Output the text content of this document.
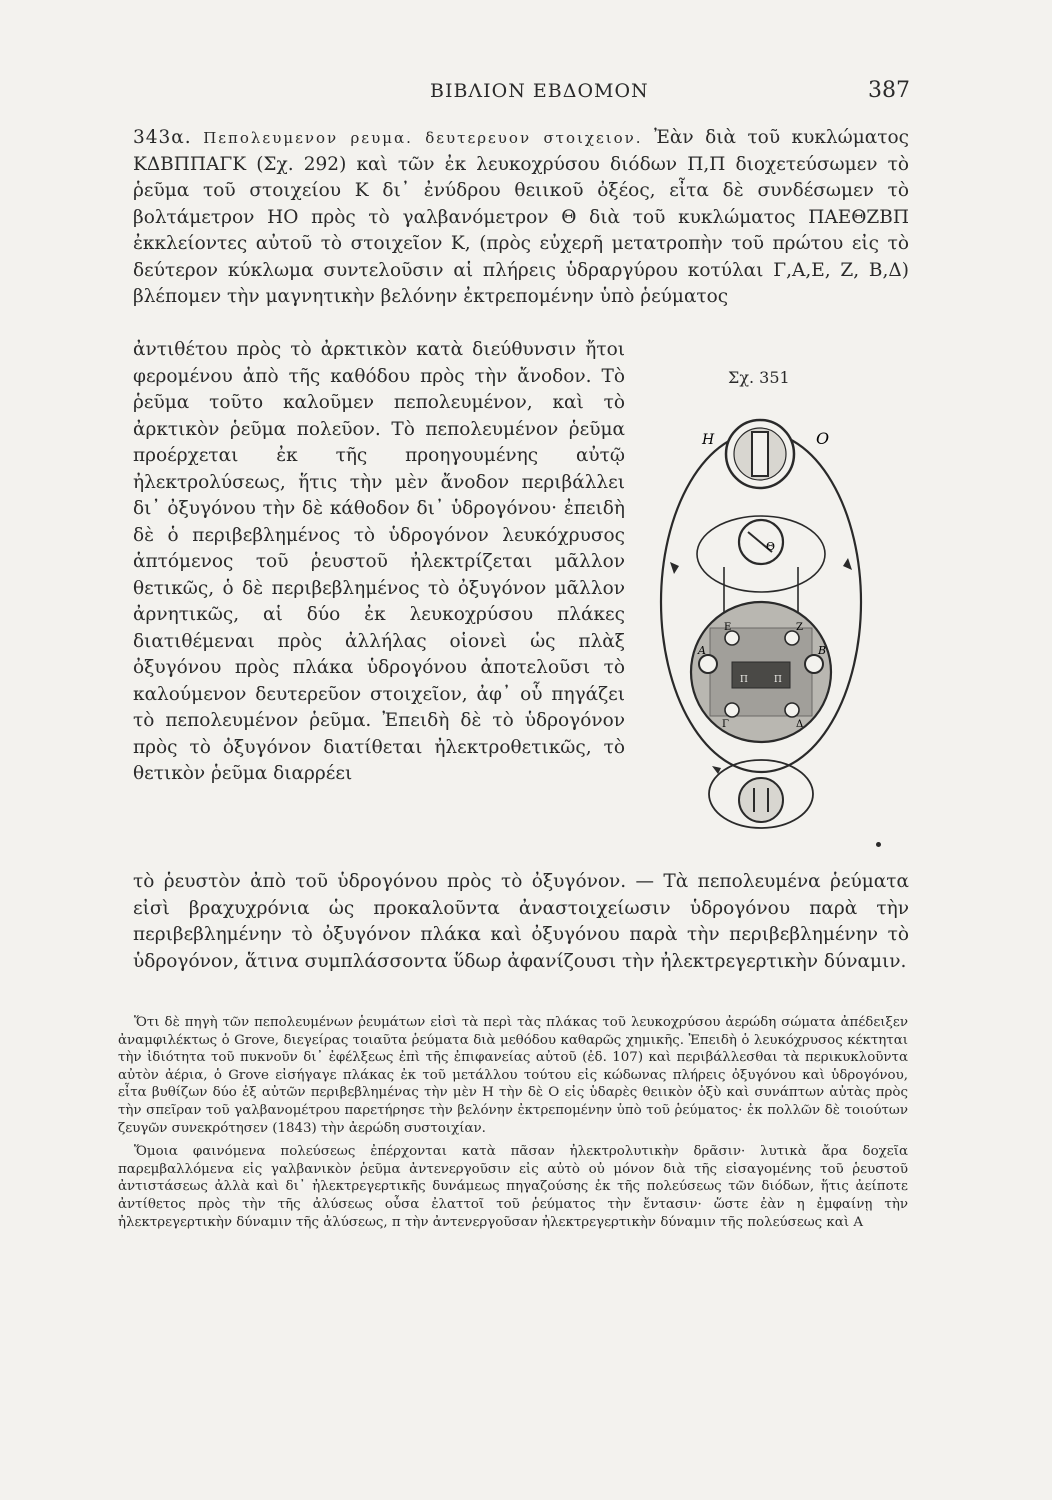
ΒΙΒΛΙΟΝ ΕΒΔΟΜΟΝ	387

343α. Πεπολευμενον ρευμα. δευτερευον στοιχειον. Ἐὰν διὰ τοῦ κυκλώματος ΚΔΒΠΠΑΓΚ (Σχ. 292) καὶ τῶν ἐκ λευκοχρύσου διόδων Π,Π διοχετεύσωμεν τὸ ῥεῦμα τοῦ στοιχείου Κ δι᾽ ἐνύδρου θειικοῦ ὀξέος, εἶτα δὲ συνδέσωμεν τὸ βολτάμετρον ΗΟ πρὸς τὸ γαλβανόμετρον Θ διὰ τοῦ κυκλώματος ΠΑΕΘΖΒΠ ἐκκλείοντες αὐτοῦ τὸ στοιχεῖον Κ, (πρὸς εὐχερῆ μετατροπὴν τοῦ πρώτου εἰς τὸ δεύτερον κύκλωμα συντελοῦσιν αἱ πλήρεις ὑδραργύρου κοτύλαι Γ,Α,Ε, Ζ, Β,Δ) βλέπομεν τὴν μαγνητικὴν βελόνην ἐκτρεπομένην ὑπὸ ῥεύματος

ἀντιθέτου πρὸς τὸ ἀρκτικὸν κατὰ διεύθυνσιν ἤτοι φερομένου ἀπὸ τῆς καθόδου πρὸς τὴν ἄνοδον. Τὸ ῥεῦμα τοῦτο καλοῦμεν πεπολευμένον, καὶ τὸ ἀρκτικὸν ῥεῦμα πολεῦον. Τὸ πεπολευμένον ῥεῦμα προέρχεται ἐκ τῆς προηγουμένης αὐτῷ ἠλεκτρολύσεως, ἥτις τὴν μὲν ἄνοδον περιβάλλει δι᾽ ὀξυγόνου τὴν δὲ κάθοδον δι᾽ ὑδρογόνου· ἐπειδὴ δὲ ὁ περιβεβλημένος τὸ ὑδρογόνον λευκόχρυσος ἁπτόμενος τοῦ ῥευστοῦ ἠλεκτρίζεται μᾶλλον θετικῶς, ὁ δὲ περιβεβλημένος τὸ ὀξυγόνον μᾶλλον ἀρνητικῶς, αἱ δύο ἐκ λευκοχρύσου πλάκες διατιθέμεναι πρὸς ἀλλήλας οἱονεὶ ὡς πλὰξ ὀξυγόνου πρὸς πλάκα ὑδρογόνου ἀποτελοῦσι τὸ καλούμενον δευτερεῦον στοιχεῖον, ἀφ᾽ οὗ πηγάζει τὸ πεπολευμένον ῥεῦμα. Ἐπειδὴ δὲ τὸ ὑδρογόνον πρὸς τὸ ὀξυγόνον διατίθεται ἠλεκτροθετικῶς, τὸ θετικὸν ῥεῦμα διαρρέει

Σχ. 351
Η	Ο
Θ
Α	Β
Ε	Ζ
Γ	Δ
Π	Π

τὸ ῥευστὸν ἀπὸ τοῦ ὑδρογόνου πρὸς τὸ ὀξυγόνον. — Τὰ πεπολευμένα ῥεύματα εἰσὶ βραχυχρόνια ὡς προκαλοῦντα ἀναστοιχείωσιν ὑδρογόνου παρὰ τὴν περιβεβλημένην τὸ ὀξυγόνον πλάκα καὶ ὀξυγόνου παρὰ τὴν περιβεβλημένην τὸ ὑδρογόνον, ἅτινα συμπλάσσοντα ὕδωρ ἀφανίζουσι τὴν ἠλεκτρεγερτικὴν δύναμιν.

Ὅτι δὲ πηγὴ τῶν πεπολευμένων ῥευμάτων εἰσὶ τὰ περὶ τὰς πλάκας τοῦ λευκοχρύσου ἀερώδη σώματα ἀπέδειξεν ἀναμφιλέκτως ὁ Grove, διεγείρας τοιαῦτα ῥεύματα διὰ μεθόδου καθαρῶς χημικῆς. Ἐπειδὴ ὁ λευκόχρυσος κέκτηται τὴν ἰδιότητα τοῦ πυκνοῦν δι᾽ ἐφέλξεως ἐπὶ τῆς ἐπιφανείας αὐτοῦ (ἐδ. 107) καὶ περιβάλλεσθαι τὰ περικυκλοῦντα αὐτὸν ἀέρια, ὁ Grove εἰσήγαγε πλάκας ἐκ τοῦ μετάλλου τούτου εἰς κώδωνας πλήρεις ὀξυγόνου καὶ ὑδρογόνου, εἶτα βυθίζων δύο ἐξ αὐτῶν περιβεβλημένας τὴν μὲν Η τὴν δὲ Ο εἰς ὑδαρὲς θειικὸν ὀξὺ καὶ συνάπτων αὐτὰς πρὸς τὴν σπεῖραν τοῦ γαλβανομέτρου παρετήρησε τὴν βελόνην ἐκτρεπομένην ὑπὸ τοῦ ῥεύματος· ἐκ πολλῶν δὲ τοιούτων ζευγῶν συνεκρότησεν (1843) τὴν ἀερώδη συστοιχίαν.

Ὅμοια φαινόμενα πολεύσεως ἐπέρχονται κατὰ πᾶσαν ἠλεκτρολυτικὴν δρᾶσιν· λυτικὰ ἄρα δοχεῖα παρεμβαλλόμενα εἰς γαλβανικὸν ῥεῦμα ἀντενεργοῦσιν εἰς αὐτὸ οὐ μόνον διὰ τῆς εἰσαγομένης τοῦ ῥευστοῦ ἀντιστάσεως ἀλλὰ καὶ δι᾽ ἠλεκτρεγερτικῆς δυνάμεως πηγαζούσης ἐκ τῆς πολεύσεως τῶν διόδων, ἥτις ἀείποτε ἀντίθετος πρὸς τὴν τῆς ἀλύσεως οὖσα ἐλαττοῖ τοῦ ῥεύματος τὴν ἔντασιν· ὥστε ἐὰν η ἐμφαίνῃ τὴν ἠλεκτρεγερτικὴν δύναμιν τῆς ἀλύσεως, π τὴν ἀντενεργοῦσαν ἠλεκτρεγερτικὴν δύναμιν τῆς πολεύσεως καὶ Α
